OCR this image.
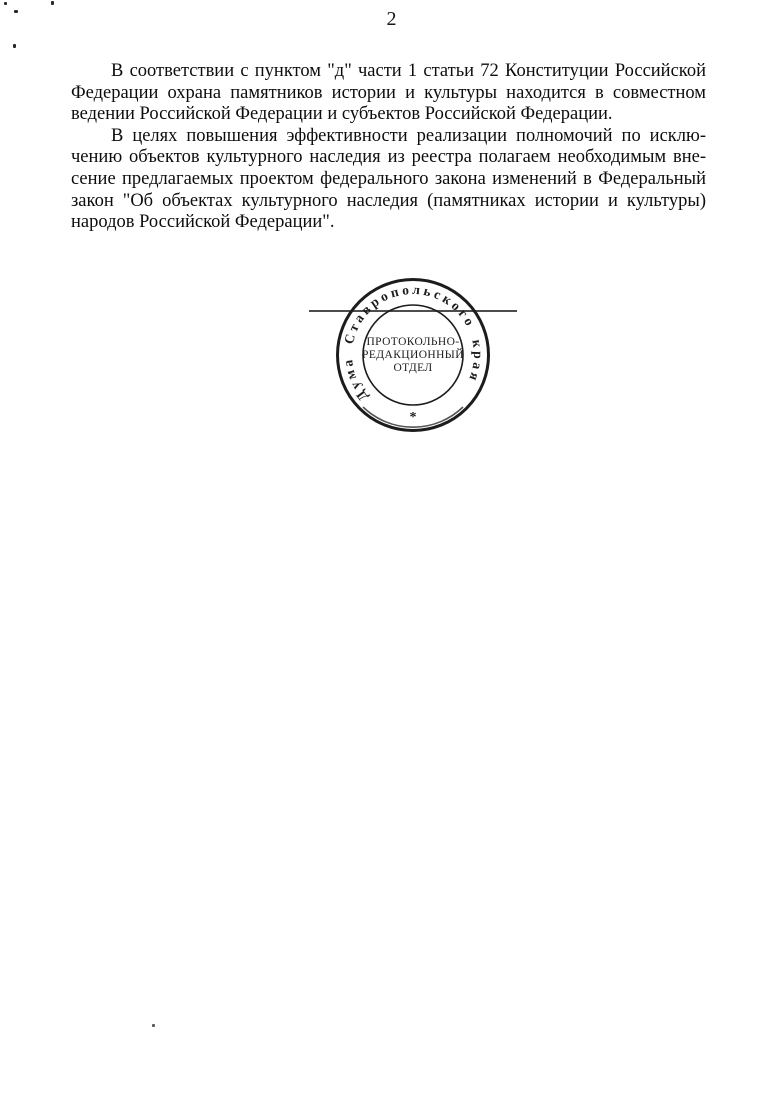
2
В соответствии с пунктом "д" части 1 статьи 72 Конституции Российской
Федерации охрана памятников истории и культуры находится в совместном
ведении Российской Федерации и субъектов Российской Федерации.
В целях повышения эффективности реализации полномочий по исклю-
чению объектов культурного наследия из реестра полагаем необходимым вне-
сение предлагаемых проектом федерального закона изменений в Федеральный
закон "Об объектах культурного наследия (памятниках истории и культуры)
народов Российской Федерации".
Дума Ставропольского края
*
ПРОТОКОЛЬНО-
РЕДАКЦИОННЫЙ
ОТДЕЛ
